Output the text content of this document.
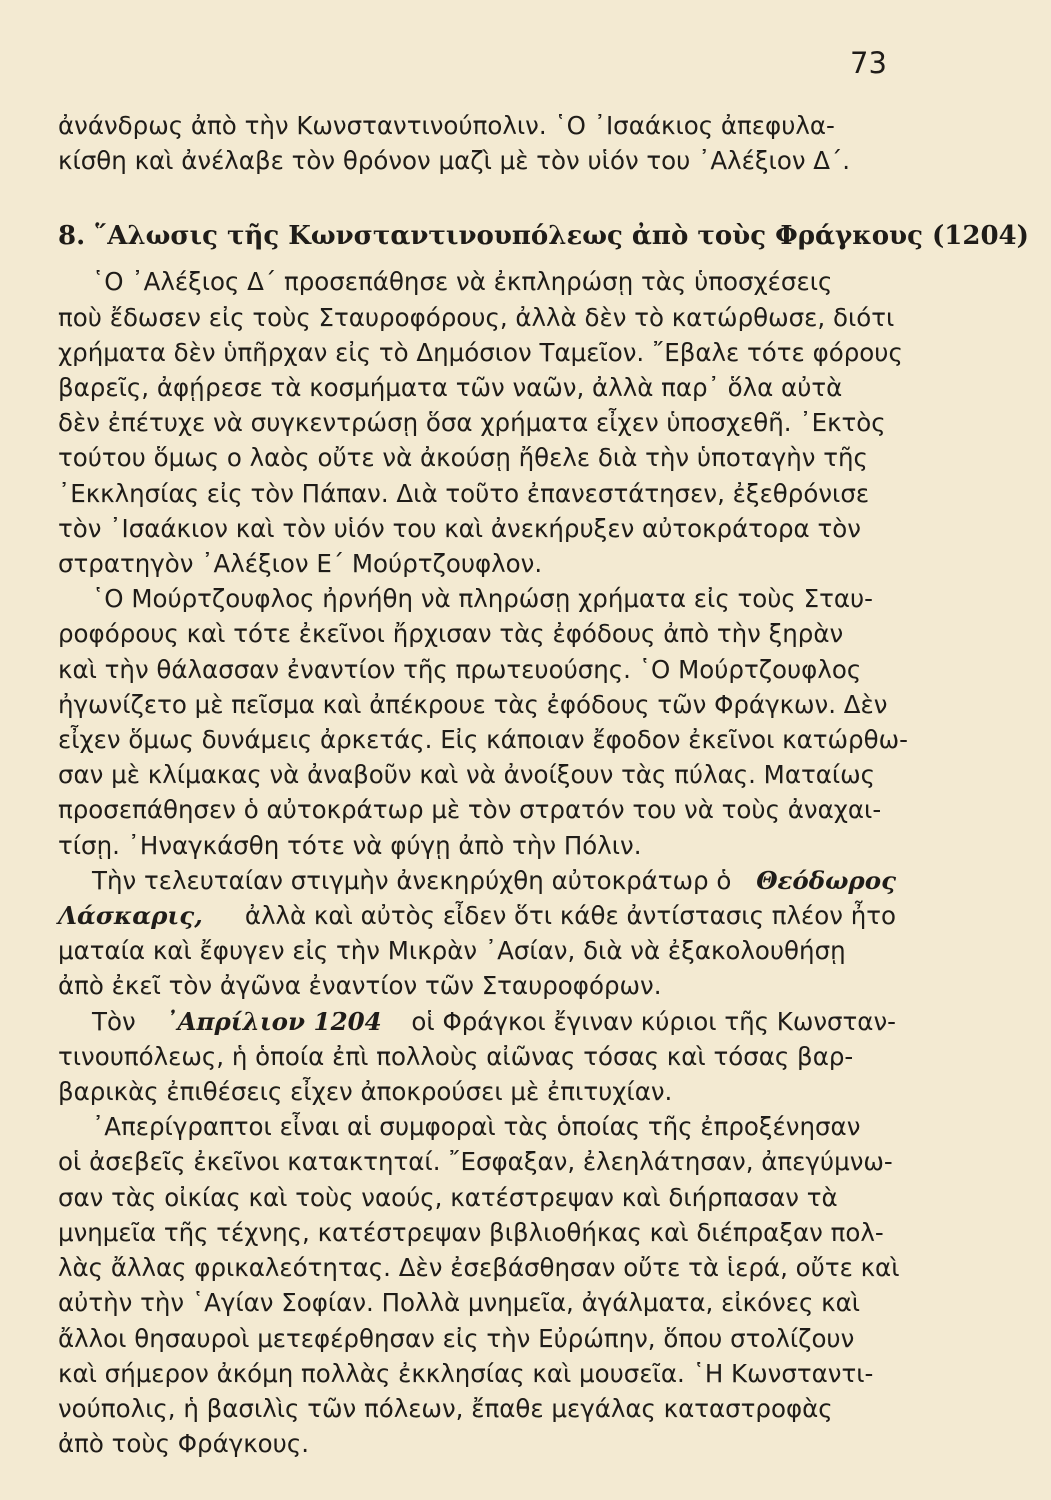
73
ἀνάνδρως ἀπὸ τὴν Κωνσταντινούπολιν. ῾Ο ᾿Ισαάκιος ἀπεφυλα-
κίσθη καὶ ἀνέλαβε τὸν θρόνον μαζὶ μὲ τὸν υἱόν του ᾿Αλέξιον Δ΄.
8. ῞Αλωσις τῆς Κωνσταντινουπόλεως ἀπὸ τοὺς Φράγκους (1204)
῾Ο ᾿Αλέξιος Δ΄ προσεπάθησε νὰ ἐκπληρώσῃ τὰς ὑποσχέσεις
ποὺ ἔδωσεν εἰς τοὺς Σταυροφόρους, ἀλλὰ δὲν τὸ κατώρθωσε, διότι
χρήματα δὲν ὑπῆρχαν εἰς τὸ Δημόσιον Ταμεῖον. ῎Εβαλε τότε φόρους
βαρεῖς, ἀφῄρεσε τὰ κοσμήματα τῶν ναῶν, ἀλλὰ παρ᾿ ὅλα αὐτὰ
δὲν ἐπέτυχε νὰ συγκεντρώσῃ ὅσα χρήματα εἶχεν ὑποσχεθῆ. ᾿Εκτὸς
τούτου ὅμως ο λαὸς οὔτε νὰ ἀκούσῃ ἤθελε διὰ τὴν ὑποταγὴν τῆς
᾿Εκκλησίας εἰς τὸν Πάπαν. Διὰ τοῦτο ἐπανεστάτησεν, ἐξεθρόνισε
τὸν ᾿Ισαάκιον καὶ τὸν υἱόν του καὶ ἀνεκήρυξεν αὐτοκράτορα τὸν
στρατηγὸν ᾿Αλέξιον Ε΄ Μούρτζουφλον.
῾Ο Μούρτζουφλος ἠρνήθη νὰ πληρώσῃ χρήματα εἰς τοὺς Σταυ-
ροφόρους καὶ τότε ἐκεῖνοι ἤρχισαν τὰς ἐφόδους ἀπὸ τὴν ξηρὰν
καὶ τὴν θάλασσαν ἐναντίον τῆς πρωτευούσης. ῾Ο Μούρτζουφλος
ἠγωνίζετο μὲ πεῖσμα καὶ ἀπέκρουε τὰς ἐφόδους τῶν Φράγκων. Δὲν
εἶχεν ὅμως δυνάμεις ἀρκετάς. Εἰς κάποιαν ἔφοδον ἐκεῖνοι κατώρθω-
σαν μὲ κλίμακας νὰ ἀναβοῦν καὶ νὰ ἀνοίξουν τὰς πύλας. Ματαίως
προσεπάθησεν ὁ αὐτοκράτωρ μὲ τὸν στρατόν του νὰ τοὺς ἀναχαι-
τίσῃ. ᾿Ηναγκάσθη τότε νὰ φύγῃ ἀπὸ τὴν Πόλιν.
Τὴν τελευταίαν στιγμὴν ἀνεκηρύχθη αὐτοκράτωρ ὁ Θεόδωρος
Λάσκαρις, ἀλλὰ καὶ αὐτὸς εἶδεν ὅτι κάθε ἀντίστασις πλέον ἦτο
ματαία καὶ ἔφυγεν εἰς τὴν Μικρὰν ᾿Ασίαν, διὰ νὰ ἐξακολουθήσῃ
ἀπὸ ἐκεῖ τὸν ἀγῶνα ἐναντίον τῶν Σταυροφόρων.
Τὸν ᾿Απρίλιον 1204 οἱ Φράγκοι ἔγιναν κύριοι τῆς Κωνσταν-
τινουπόλεως, ἡ ὁποία ἐπὶ πολλοὺς αἰῶνας τόσας καὶ τόσας βαρ-
βαρικὰς ἐπιθέσεις εἶχεν ἀποκρούσει μὲ ἐπιτυχίαν.
᾿Απερίγραπτοι εἶναι αἱ συμφοραὶ τὰς ὁποίας τῆς ἐπροξένησαν
οἱ ἀσεβεῖς ἐκεῖνοι κατακτηταί. ῎Εσφαξαν, ἐλεηλάτησαν, ἀπεγύμνω-
σαν τὰς οἰκίας καὶ τοὺς ναούς, κατέστρεψαν καὶ διήρπασαν τὰ
μνημεῖα τῆς τέχνης, κατέστρεψαν βιβλιοθήκας καὶ διέπραξαν πολ-
λὰς ἄλλας φρικαλεότητας. Δὲν ἐσεβάσθησαν οὔτε τὰ ἱερά, οὔτε καὶ
αὐτὴν τὴν ῾Αγίαν Σοφίαν. Πολλὰ μνημεῖα, ἀγάλματα, εἰκόνες καὶ
ἄλλοι θησαυροὶ μετεφέρθησαν εἰς τὴν Εὐρώπην, ὅπου στολίζουν
καὶ σήμερον ἀκόμη πολλὰς ἐκκλησίας καὶ μουσεῖα. ῾Η Κωνσταντι-
νούπολις, ἡ βασιλὶς τῶν πόλεων, ἔπαθε μεγάλας καταστροφὰς
ἀπὸ τοὺς Φράγκους.
